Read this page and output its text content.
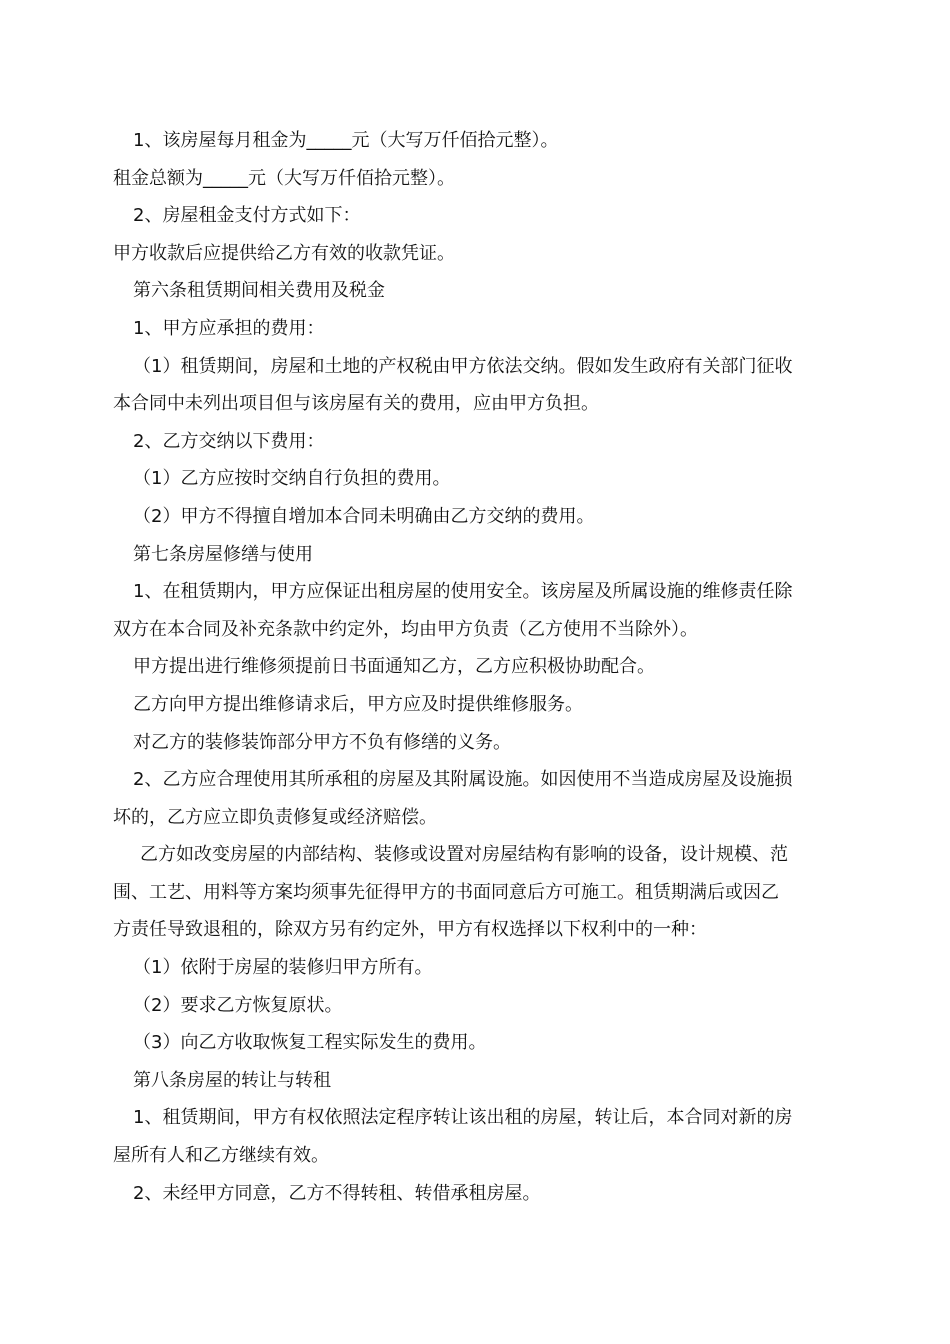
1、该房屋每月租金为_____元（大写万仟佰拾元整）。
租金总额为_____元（大写万仟佰拾元整）。
2、房屋租金支付方式如下：
甲方收款后应提供给乙方有效的收款凭证。
第六条租赁期间相关费用及税金
1、甲方应承担的费用：
（1）租赁期间，房屋和土地的产权税由甲方依法交纳。假如发生政府有关部门征收
本合同中未列出项目但与该房屋有关的费用，应由甲方负担。
2、乙方交纳以下费用：
（1）乙方应按时交纳自行负担的费用。
（2）甲方不得擅自增加本合同未明确由乙方交纳的费用。
第七条房屋修缮与使用
1、在租赁期内，甲方应保证出租房屋的使用安全。该房屋及所属设施的维修责任除
双方在本合同及补充条款中约定外，均由甲方负责（乙方使用不当除外）。
甲方提出进行维修须提前日书面通知乙方，乙方应积极协助配合。
乙方向甲方提出维修请求后，甲方应及时提供维修服务。
对乙方的装修装饰部分甲方不负有修缮的义务。
2、乙方应合理使用其所承租的房屋及其附属设施。如因使用不当造成房屋及设施损
坏的，乙方应立即负责修复或经济赔偿。
乙方如改变房屋的内部结构、装修或设置对房屋结构有影响的设备，设计规模、范
围、工艺、用料等方案均须事先征得甲方的书面同意后方可施工。租赁期满后或因乙
方责任导致退租的，除双方另有约定外，甲方有权选择以下权利中的一种：
（1）依附于房屋的装修归甲方所有。
（2）要求乙方恢复原状。
（3）向乙方收取恢复工程实际发生的费用。
第八条房屋的转让与转租
1、租赁期间，甲方有权依照法定程序转让该出租的房屋，转让后，本合同对新的房
屋所有人和乙方继续有效。
2、未经甲方同意，乙方不得转租、转借承租房屋。
